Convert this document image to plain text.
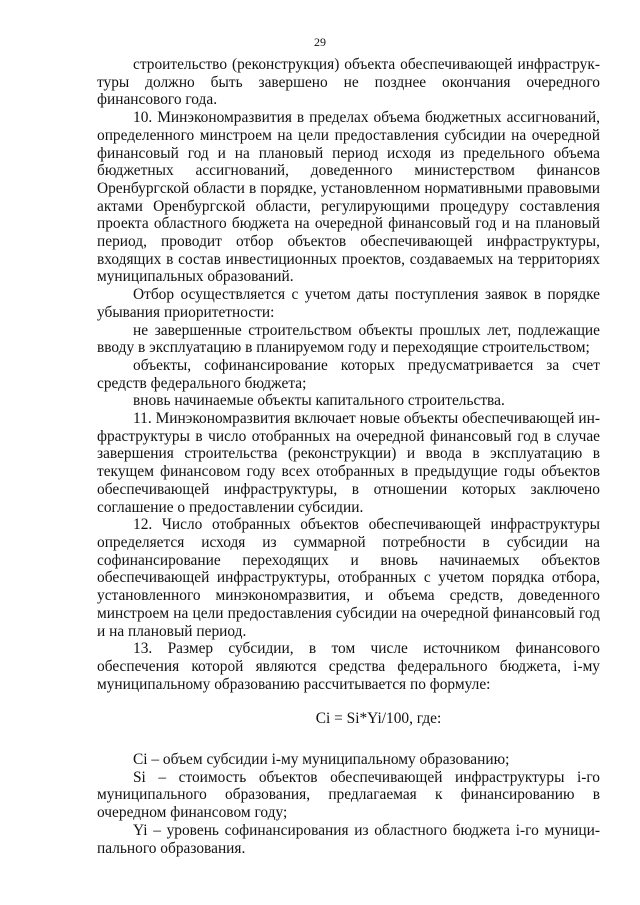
29

строительство (реконструкция) объекта обеспечивающей инфраструктуры должно быть завершено не позднее окончания очередного финансового года.

10. Минэкономразвития в пределах объема бюджетных ассигнований, определенного минстроем на цели предоставления субсидии на очередной финансовый год и на плановый период исходя из предельного объема бюджетных ассигнований, доведенного министерством финансов Оренбургской области в порядке, установленном нормативными правовыми актами Оренбургской области, регулирующими процедуру составления проекта областного бюджета на очередной финансовый год и на плановый период, проводит отбор объектов обеспечивающей инфраструктуры, входящих в состав инвестиционных проектов, создаваемых на территориях муниципальных образований.

Отбор осуществляется с учетом даты поступления заявок в порядке убывания приоритетности:

не завершенные строительством объекты прошлых лет, подлежащие вводу в эксплуатацию в планируемом году и переходящие строительством;

объекты, софинансирование которых предусматривается за счет средств федерального бюджета;

вновь начинаемые объекты капитального строительства.

11. Минэкономразвития включает новые объекты обеспечивающей инфраструктуры в число отобранных на очередной финансовый год в случае завершения строительства (реконструкции) и ввода в эксплуатацию в текущем финансовом году всех отобранных в предыдущие годы объектов обеспечивающей инфраструктуры, в отношении которых заключено соглашение о предоставлении субсидии.

12. Число отобранных объектов обеспечивающей инфраструктуры определяется исходя из суммарной потребности в субсидии на софинансирование переходящих и вновь начинаемых объектов обеспечивающей инфраструктуры, отобранных с учетом порядка отбора, установленного минэкономразвития, и объема средств, доведенного минстроем на цели предоставления субсидии на очередной финансовый год и на плановый период.

13. Размер субсидии, в том числе источником финансового обеспечения которой являются средства федерального бюджета, i-му муниципальному образованию рассчитывается по формуле:

Ci = Si*Yi/100, где:

Ci – объем субсидии i-му муниципальному образованию;

Si – стоимость объектов обеспечивающей инфраструктуры i-го муниципального образования, предлагаемая к финансированию в очередном финансовом году;

Yi – уровень софинансирования из областного бюджета i-го муниципального образования.
